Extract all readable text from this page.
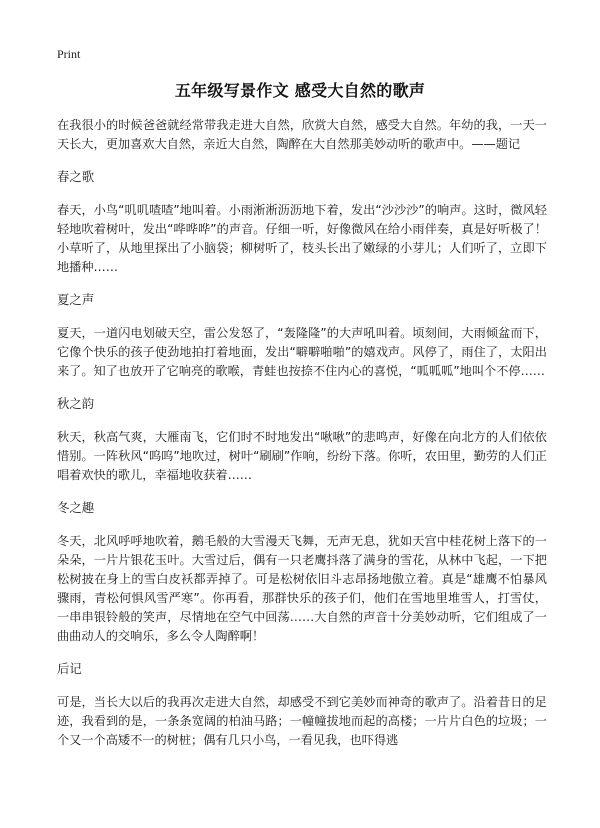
Print
五年级写景作文 感受大自然的歌声

在我很小的时候爸爸就经常带我走进大自然，欣赏大自然，感受大自然。年幼的我，一天一天长大，更加喜欢大自然，亲近大自然，陶醉在大自然那美妙动听的歌声中。——题记

春之歌

春天，小鸟“叽叽喳喳”地叫着。小雨淅淅沥沥地下着，发出“沙沙沙”的响声。这时，微风轻轻地吹着树叶，发出“哗哗哗”的声音。仔细一听，好像微风在给小雨伴奏，真是好听极了！小草听了，从地里探出了小脑袋；柳树听了，枝头长出了嫩绿的小芽儿；人们听了，立即下地播种……

夏之声

夏天，一道闪电划破天空，雷公发怒了，“轰隆隆”的大声吼叫着。顷刻间，大雨倾盆而下，它像个快乐的孩子使劲地拍打着地面，发出“噼噼啪啪”的嬉戏声。风停了，雨住了，太阳出来了。知了也放开了它响亮的歌喉，青蛙也按捺不住内心的喜悦，“呱呱呱”地叫个不停……

秋之韵

秋天，秋高气爽，大雁南飞，它们时不时地发出“啾啾”的悲鸣声，好像在向北方的人们依依惜别。一阵秋风“呜呜”地吹过，树叶“刷刷”作响，纷纷下落。你听，农田里，勤劳的人们正唱着欢快的歌儿，幸福地收获着……

冬之趣

冬天，北风呼呼地吹着，鹅毛般的大雪漫天飞舞，无声无息，犹如天宫中桂花树上落下的一朵朵，一片片银花玉叶。大雪过后，偶有一只老鹰抖落了满身的雪花，从林中飞起，一下把松树披在身上的雪白皮袄都弄掉了。可是松树依旧斗志昂扬地傲立着。真是“雄鹰不怕暴风骤雨，青松何惧风雪严寒”。你再看，那群快乐的孩子们，他们在雪地里堆雪人，打雪仗，一串串银铃般的笑声，尽情地在空气中回荡……大自然的声音十分美妙动听，它们组成了一曲曲动人的交响乐，多么令人陶醉啊！

后记

可是，当长大以后的我再次走进大自然，却感受不到它美妙而神奇的歌声了。沿着昔日的足迹，我看到的是，一条条宽阔的柏油马路；一幢幢拔地而起的高楼；一片片白色的垃圾；一个又一个高矮不一的树桩；偶有几只小鸟，一看见我，也吓得逃
